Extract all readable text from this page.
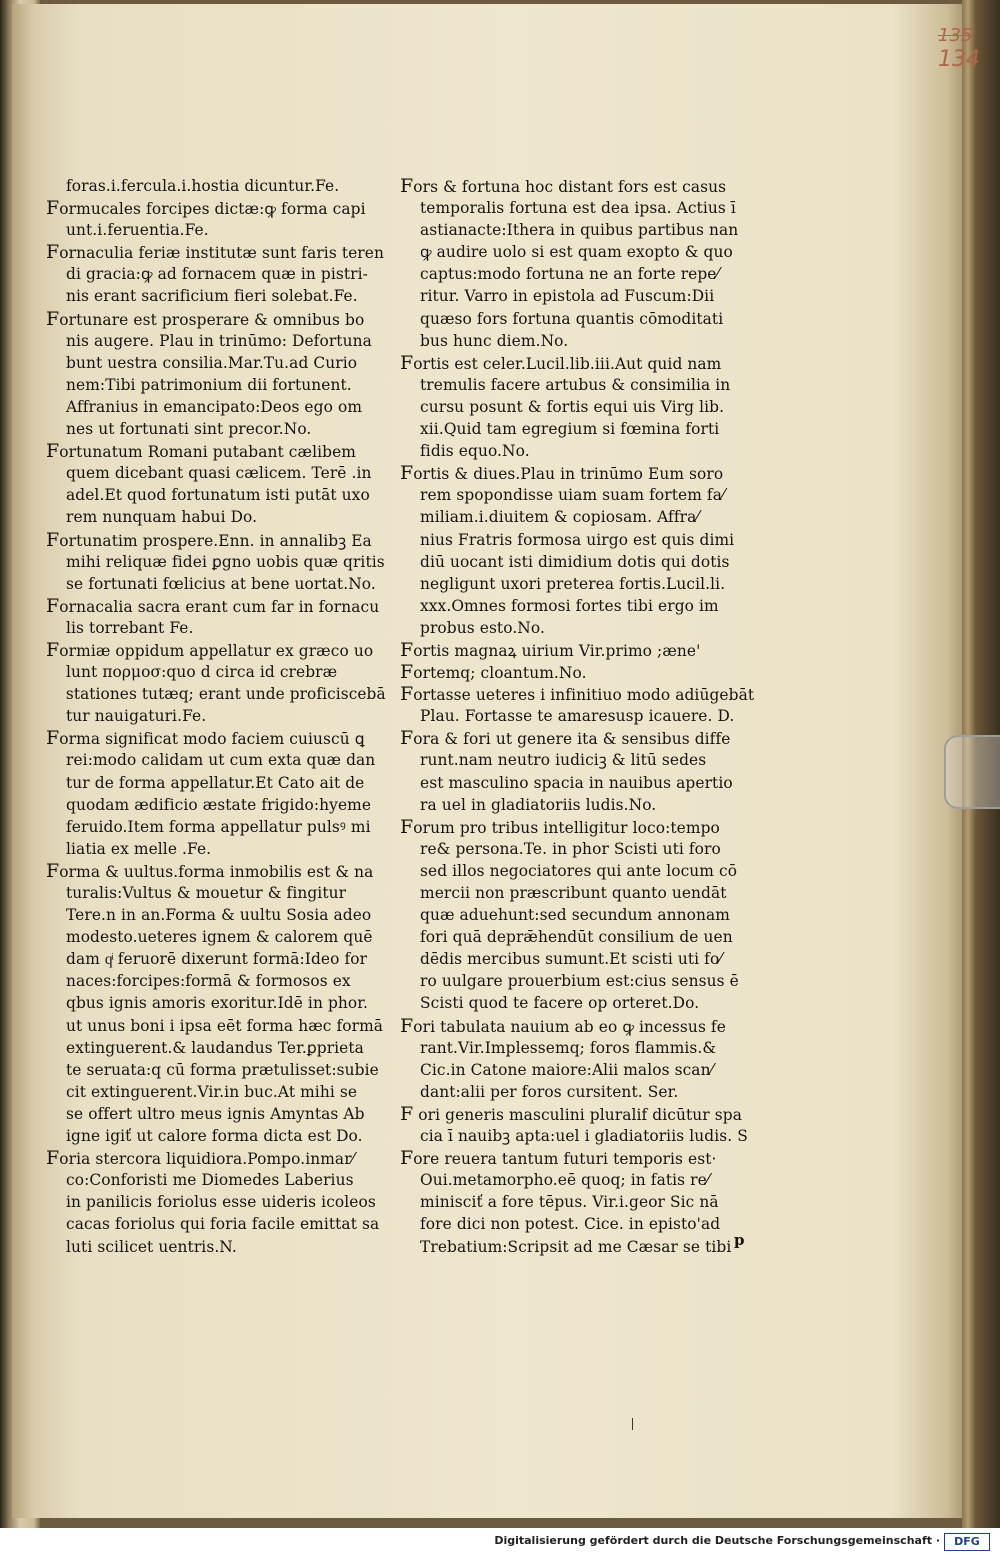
135
134
foras.i.fercula.i.hostia dicuntur.Fe.
Formucales forcipes dictæ:ꝙ forma capi
unt.i.feruentia.Fe.
Fornaculia feriæ institutæ sunt faris teren
di gracia:ꝙ ad fornacem quæ in pistri-
nis erant sacrificium fieri solebat.Fe.
Fortunare est prosperare & omnibus bo
nis augere. Plau in trinūmo: Defortuna
bunt uestra consilia.Mar.Tu.ad Curio
nem:Tibi patrimonium dii fortunent.
Affranius in emancipato:Deos ego om
nes ut fortunati sint precor.No.
Fortunatum Romani putabant cælibem
quem dicebant quasi cælicem. Terē .in
adel.Et quod fortunatum isti putāt uxo
rem nunquam habui Do.
Fortunatim prospere.Enn. in annalibꝫ Ea
mihi reliquæ fidei ꝑgno uobis quæ qritis
se fortunati fœlicius at bene uortat.No.
Fornacalia sacra erant cum far in fornacu
lis torrebant Fe.
Formiæ oppidum appellatur ex græco uo
lunt πορμοσ:quo d circa id crebræ
stationes tutæq; erant unde proficiscebā
tur nauigaturi.Fe.
Forma significat modo faciem cuiuscū ꝗ
rei:modo calidam ut cum exta quæ dan
tur de forma appellatur.Et Cato ait de
quodam ædificio æstate frigido:hyeme
feruido.Item forma appellatur pulsꝰ mi
liatia ex melle .Fe.
Forma & uultus.forma inmobilis est & na
turalis:Vultus & mouetur & fingitur
Tere.n in an.Forma & uultu Sosia adeo
modesto.ueteres ignem & calorem quē
dam qͥ feruorē dixerunt formā:Ideo for
naces:forcipes:formā & formosos ex
qbus ignis amoris exoritur.Idē in phor.
ut unus boni i ipsa eēt forma hæc formā
extinguerent.& laudandus Ter.ꝑprieta
te seruata:q cū forma prætulisset:subie
cit extinguerent.Vir.in buc.At mihi se
se offert ultro meus ignis Amyntas Ab
igne igiť ut calore forma dicta est Do.
Foria stercora liquidiora.Pompo.inmar⁄
co:Conforisti me Diomedes Laberius
in panilicis foriolus esse uideris icoleos
cacas foriolus qui foria facile emittat sa
luti scilicet uentris.N.
Fors & fortuna hoc distant fors est casus
temporalis fortuna est dea ipsa. Actius ī
astianacte:Ithera in quibus partibus nan
ꝙ audire uolo si est quam exopto & quo
captus:modo fortuna ne an forte repe⁄
ritur. Varro in epistola ad Fuscum:Dii
quæso fors fortuna quantis cōmoditati
bus hunc diem.No.
Fortis est celer.Lucil.lib.iii.Aut quid nam
tremulis facere artubus & consimilia in
cursu posunt & fortis equi uis Virg lib.
xii.Quid tam egregium si fœmina forti
fidis equo.No.
Fortis & diues.Plau in trinūmo Eum soro
rem spopondisse uiam suam fortem fa⁄
miliam.i.diuitem & copiosam. Affra⁄
nius Fratris formosa uirgo est quis dimi
diū uocant isti dimidium dotis qui dotis
negligunt uxori preterea fortis.Lucil.li.
xxx.Omnes formosi fortes tibi ergo im
probus esto.No.
Fortis magnaꝝ uirium Vir.primo ;æne'
Fortemq; cloantum.No.
Fortasse ueteres i infinitiuo modo adiūgebāt
Plau. Fortasse te amaresusp icauere. D.
Fora & fori ut genere ita & sensibus diffe
runt.nam neutro iudiciꝫ & litū sedes
est masculino spacia in nauibus apertio
ra uel in gladiatoriis ludis.No.
Forum pro tribus intelligitur loco:tempo
re& persona.Te. in phor Scisti uti foro
sed illos negociatores qui ante locum cō
mercii non præscribunt quanto uendāt
quæ aduehunt:sed secundum annonam
fori quā deprǣhendūt consilium de uen
dēdis mercibus sumunt.Et scisti uti fo⁄
ro uulgare prouerbium est:cius sensus ē
Scisti quod te facere op orteret.Do.
Fori tabulata nauium ab eo ꝙ incessus fe
rant.Vir.Implessemq; foros flammis.&
Cic.in Catone maiore:Alii malos scan⁄
dant:alii per foros cursitent. Ser.
F ori generis masculini pluralif dicūtur spa
cia ī nauibꝫ apta:uel i gladiatoriis ludis. S
Fore reuera tantum futuri temporis est·
Oui.metamorpho.eē quoq; in fatis re⁄
minisciť a fore tēpus. Vir.i.geor Sic nā
fore dici non potest. Cice. in episto'ad
Trebatium:Scripsit ad me Cæsar se tibi p
Digitalisierung gefördert durch die Deutsche Forschungsgemeinschaft ·	DFG
